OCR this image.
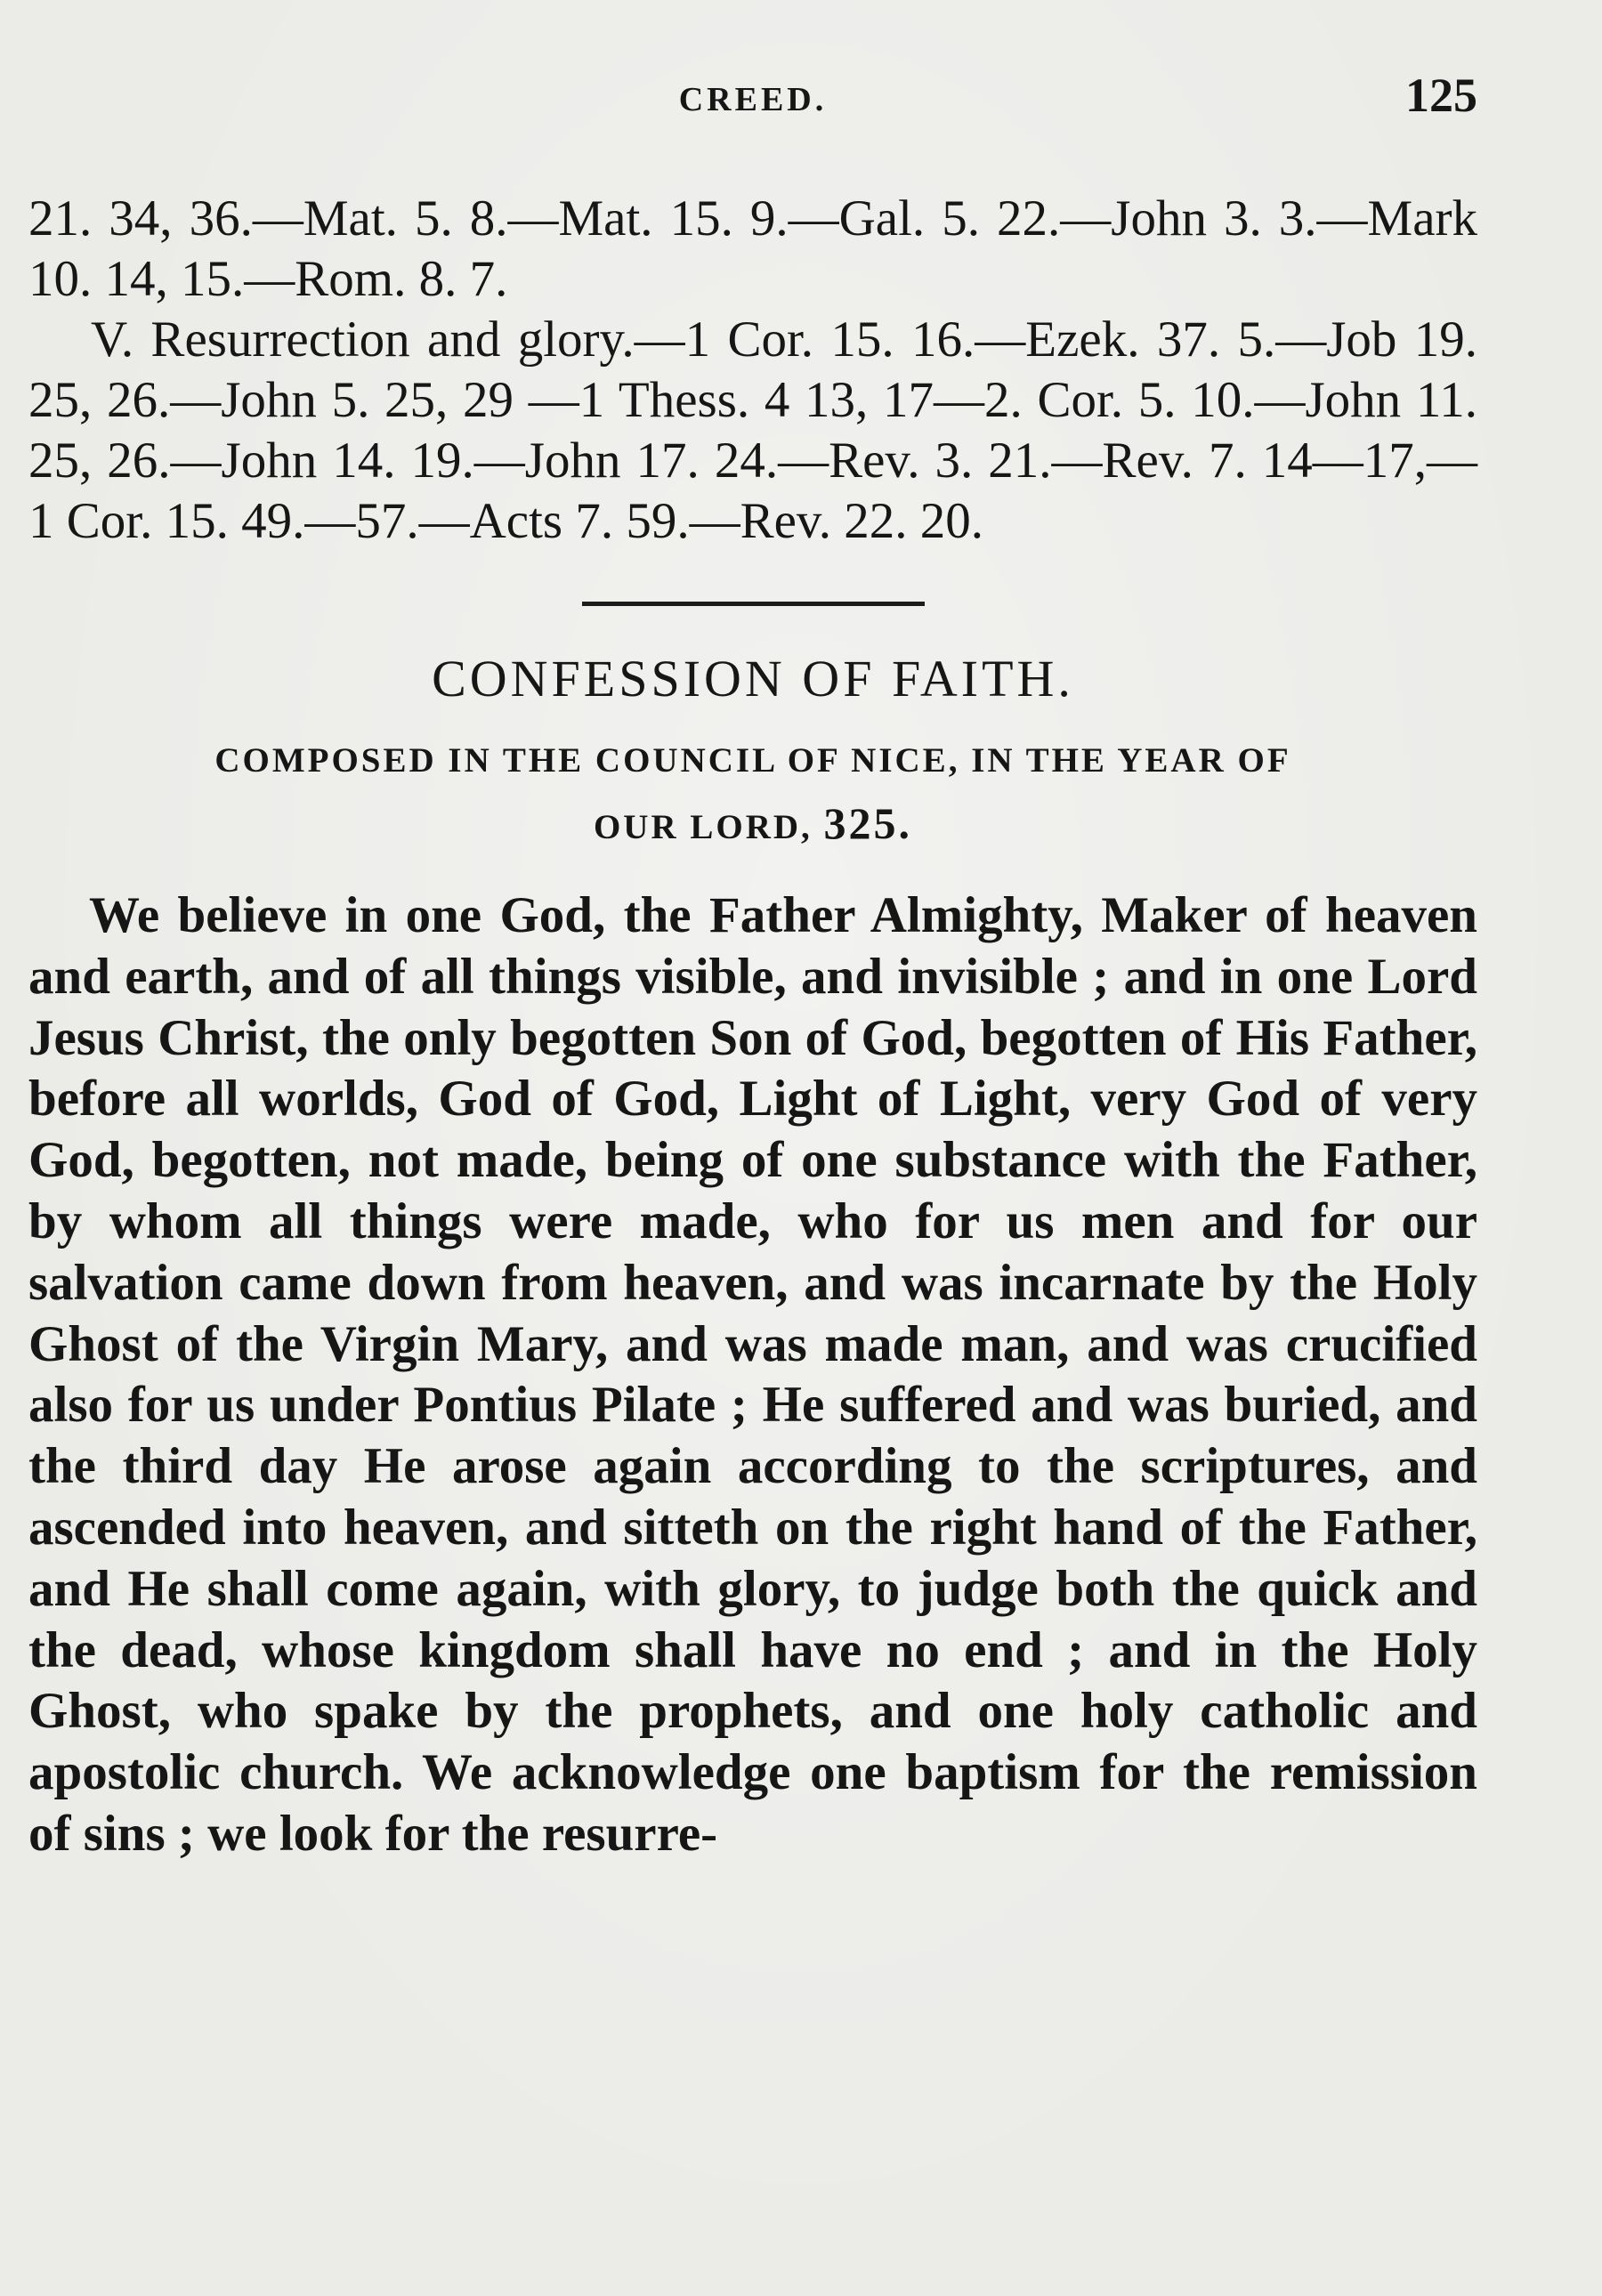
CREED.	125

21. 34, 36.—Mat. 5. 8.—Mat. 15. 9.—Gal. 5. 22.—John 3. 3.—Mark 10. 14, 15.—Rom. 8. 7.

V. Resurrection and glory.—1 Cor. 15. 16.—Ezek. 37. 5.—Job 19. 25, 26.—John 5. 25, 29 —1 Thess. 4 13, 17—2. Cor. 5. 10.—John 11. 25, 26.—John 14. 19.—John 17. 24.—Rev. 3. 21.—Rev. 7. 14—17,—1 Cor. 15. 49.—57.—Acts 7. 59.—Rev. 22. 20.

CONFESSION OF FAITH.
COMPOSED IN THE COUNCIL OF NICE, IN THE YEAR OF
OUR LORD, 325.

We believe in one God, the Father Almighty, Maker of heaven and earth, and of all things visible, and invisible ; and in one Lord Jesus Christ, the only begotten Son of God, begotten of His Father, before all worlds, God of God, Light of Light, very God of very God, begotten, not made, being of one substance with the Father, by whom all things were made, who for us men and for our salvation came down from heaven, and was incarnate by the Holy Ghost of the Virgin Mary, and was made man, and was crucified also for us under Pontius Pilate ; He suffered and was buried, and the third day He arose again according to the scriptures, and ascended into heaven, and sitteth on the right hand of the Father, and He shall come again, with glory, to judge both the quick and the dead, whose kingdom shall have no end ; and in the Holy Ghost, who spake by the prophets, and one holy catholic and apostolic church. We acknowledge one baptism for the remission of sins ; we look for the resurre-
